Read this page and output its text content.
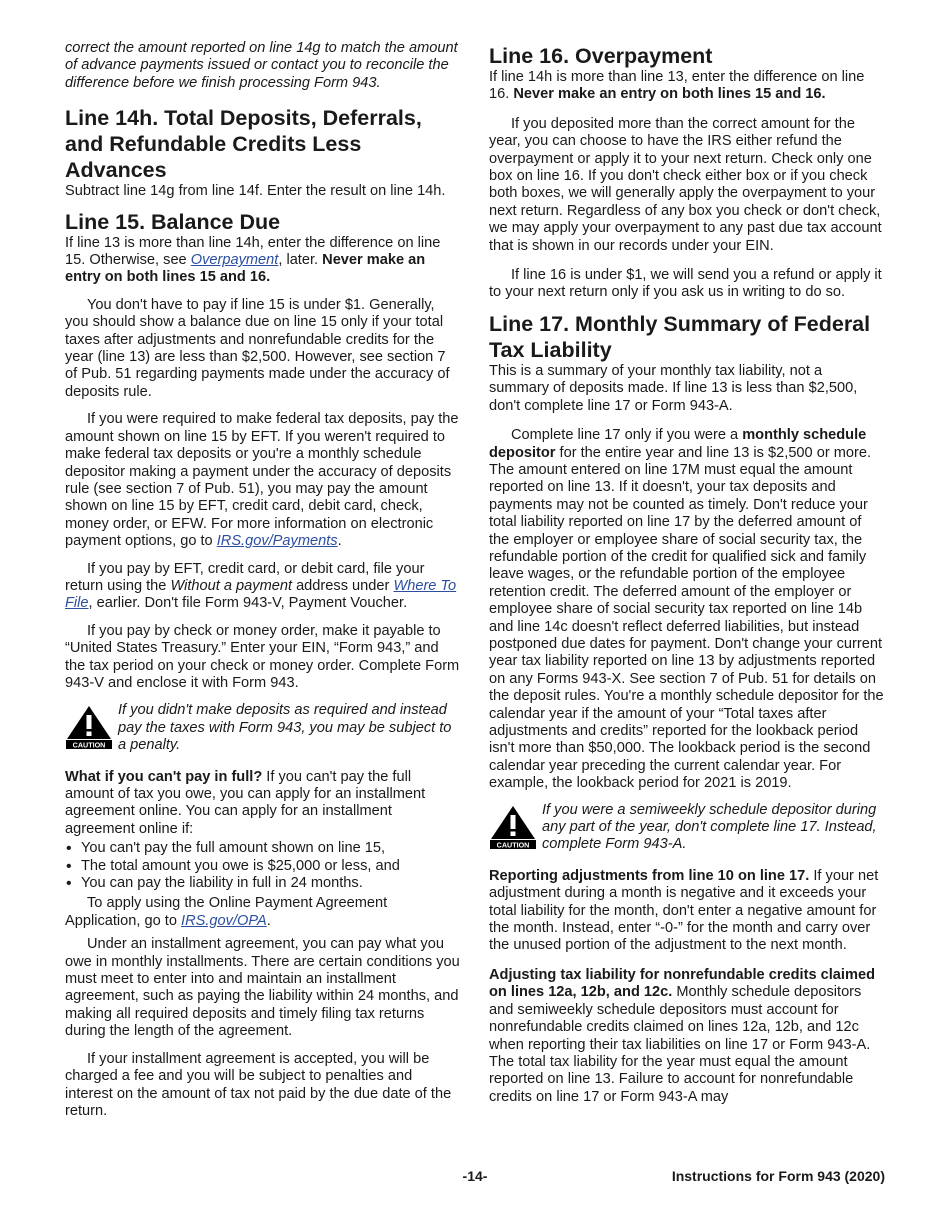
correct the amount reported on line 14g to match the amount of advance payments issued or contact you to reconcile the difference before we finish processing Form 943.

Line 14h. Total Deposits, Deferrals, and Refundable Credits Less Advances

Subtract line 14g from line 14f. Enter the result on line 14h.

Line 15. Balance Due

If line 13 is more than line 14h, enter the difference on line 15. Otherwise, see Overpayment, later. Never make an entry on both lines 15 and 16.

You don't have to pay if line 15 is under $1. Generally, you should show a balance due on line 15 only if your total taxes after adjustments and nonrefundable credits for the year (line 13) are less than $2,500. However, see section 7 of Pub. 51 regarding payments made under the accuracy of deposits rule.

If you were required to make federal tax deposits, pay the amount shown on line 15 by EFT. If you weren't required to make federal tax deposits or you're a monthly schedule depositor making a payment under the accuracy of deposits rule (see section 7 of Pub. 51), you may pay the amount shown on line 15 by EFT, credit card, debit card, check, money order, or EFW. For more information on electronic payment options, go to IRS.gov/Payments.

If you pay by EFT, credit card, or debit card, file your return using the Without a payment address under Where To File, earlier. Don't file Form 943-V, Payment Voucher.

If you pay by check or money order, make it payable to “United States Treasury.” Enter your EIN, “Form 943,” and the tax period on your check or money order. Complete Form 943-V and enclose it with Form 943.

CAUTION

If you didn't make deposits as required and instead pay the taxes with Form 943, you may be subject to a penalty.

What if you can't pay in full? If you can't pay the full amount of tax you owe, you can apply for an installment agreement online. You can apply for an installment agreement online if:

• You can't pay the full amount shown on line 15,
• The total amount you owe is $25,000 or less, and
• You can pay the liability in full in 24 months.

To apply using the Online Payment Agreement Application, go to IRS.gov/OPA.

Under an installment agreement, you can pay what you owe in monthly installments. There are certain conditions you must meet to enter into and maintain an installment agreement, such as paying the liability within 24 months, and making all required deposits and timely filing tax returns during the length of the agreement.

If your installment agreement is accepted, you will be charged a fee and you will be subject to penalties and interest on the amount of tax not paid by the due date of the return.

Line 16. Overpayment

If line 14h is more than line 13, enter the difference on line 16. Never make an entry on both lines 15 and 16.

If you deposited more than the correct amount for the year, you can choose to have the IRS either refund the overpayment or apply it to your next return. Check only one box on line 16. If you don't check either box or if you check both boxes, we will generally apply the overpayment to your next return. Regardless of any box you check or don't check, we may apply your overpayment to any past due tax account that is shown in our records under your EIN.

If line 16 is under $1, we will send you a refund or apply it to your next return only if you ask us in writing to do so.

Line 17. Monthly Summary of Federal Tax Liability

This is a summary of your monthly tax liability, not a summary of deposits made. If line 13 is less than $2,500, don't complete line 17 or Form 943-A.

Complete line 17 only if you were a monthly schedule depositor for the entire year and line 13 is $2,500 or more. The amount entered on line 17M must equal the amount reported on line 13. If it doesn't, your tax deposits and payments may not be counted as timely. Don't reduce your total liability reported on line 17 by the deferred amount of the employer or employee share of social security tax, the refundable portion of the credit for qualified sick and family leave wages, or the refundable portion of the employee retention credit. The deferred amount of the employer or employee share of social security tax reported on line 14b and line 14c doesn't reflect deferred liabilities, but instead postponed due dates for payment. Don't change your current year tax liability reported on line 13 by adjustments reported on any Forms 943-X. See section 7 of Pub. 51 for details on the deposit rules. You're a monthly schedule depositor for the calendar year if the amount of your “Total taxes after adjustments and credits” reported for the lookback period isn't more than $50,000. The lookback period is the second calendar year preceding the current calendar year. For example, the lookback period for 2021 is 2019.

CAUTION

If you were a semiweekly schedule depositor during any part of the year, don't complete line 17. Instead, complete Form 943-A.

Reporting adjustments from line 10 on line 17. If your net adjustment during a month is negative and it exceeds your total liability for the month, don't enter a negative amount for the month. Instead, enter “-0-” for the month and carry over the unused portion of the adjustment to the next month.

Adjusting tax liability for nonrefundable credits claimed on lines 12a, 12b, and 12c. Monthly schedule depositors and semiweekly schedule depositors must account for nonrefundable credits claimed on lines 12a, 12b, and 12c when reporting their tax liabilities on line 17 or Form 943-A. The total tax liability for the year must equal the amount reported on line 13. Failure to account for nonrefundable credits on line 17 or Form 943-A may

-14-	Instructions for Form 943 (2020)
